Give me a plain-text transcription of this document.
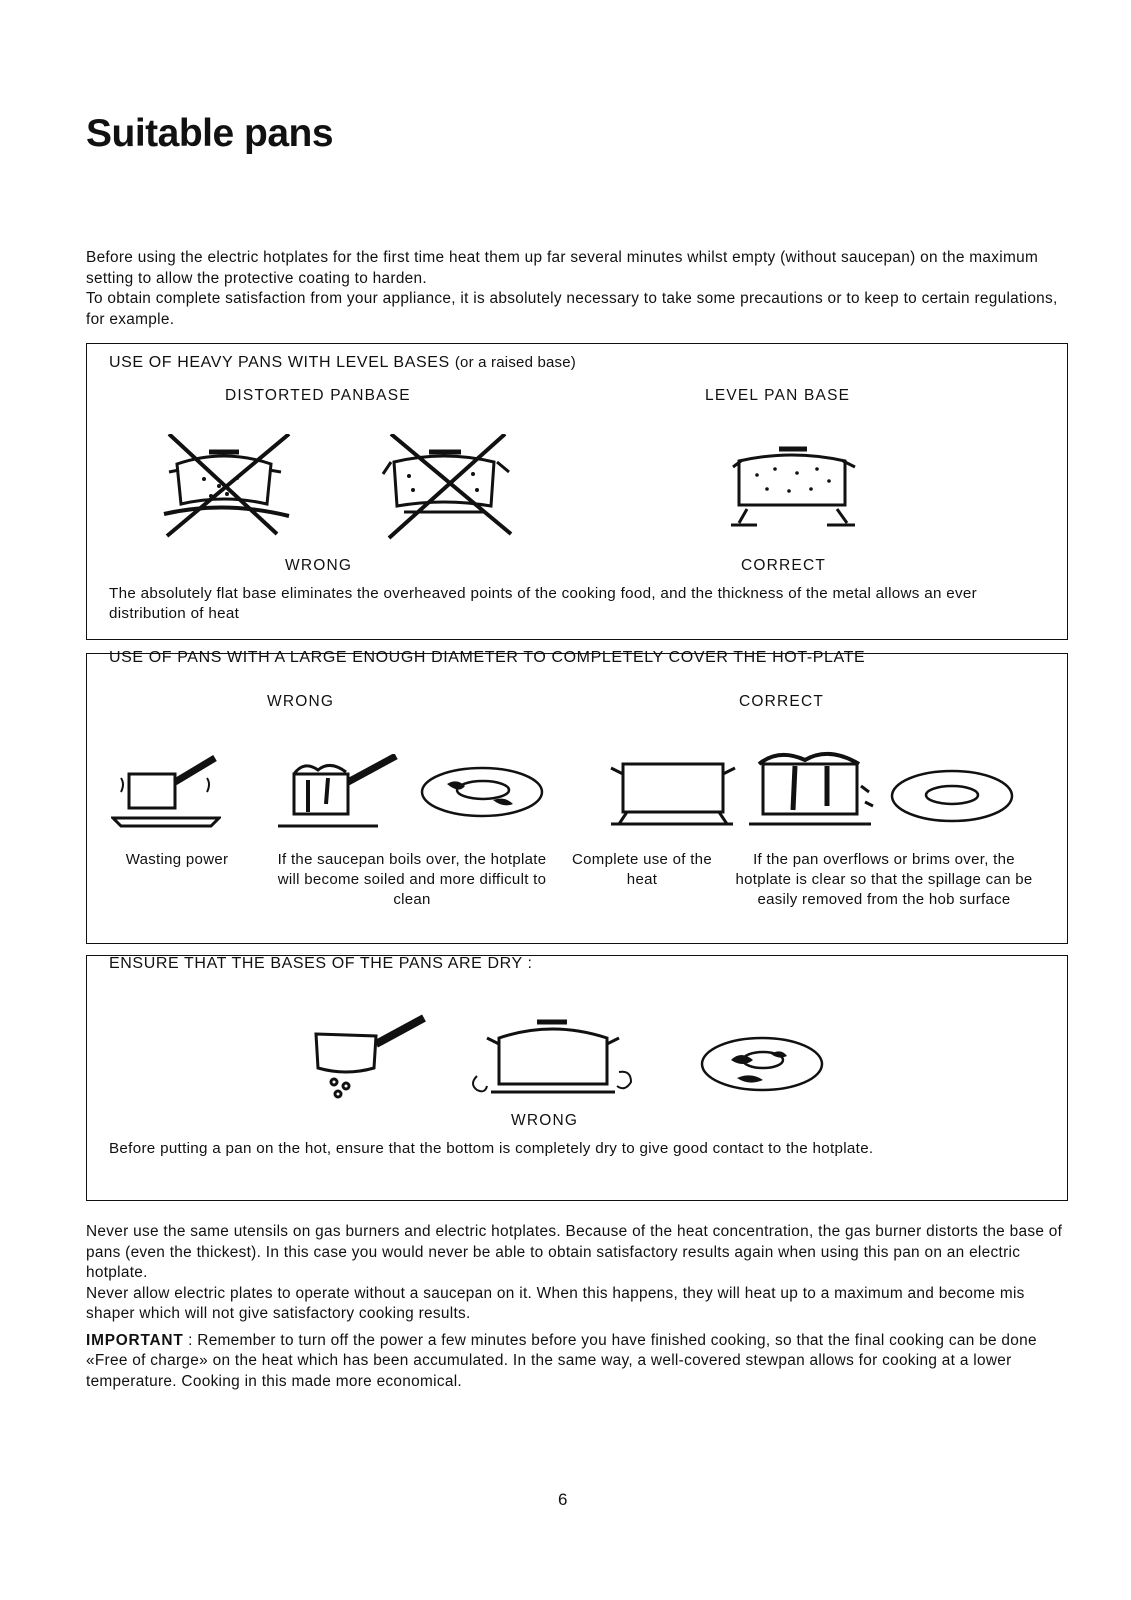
Suitable pans

Before using the electric hotplates for the first time heat them up far several minutes whilst empty (without saucepan) on the maximum setting to allow the protective coating to harden.

To obtain complete satisfaction from your appliance, it is absolutely necessary to take some precautions or to keep to certain regulations, for example.

USE OF HEAVY PANS WITH LEVEL BASES (or a raised base)
DISTORTED PANBASE	LEVEL PAN BASE
WRONG	CORRECT
The absolutely flat base eliminates the overheaved points of the cooking food, and the thickness of the metal allows an ever distribution of heat
USE OF PANS WITH A LARGE ENOUGH DIAMETER TO COMPLETELY COVER THE HOT-PLATE
WRONG	CORRECT
Wasting power	If the saucepan boils over, the hotplate will become soiled and more difficult to clean
Complete use of the heat
If the pan overflows or brims over, the hotplate is clear so that the spillage can be easily removed from the hob surface
ENSURE THAT THE BASES OF THE PANS ARE DRY :
WRONG
Before putting a pan on the hot, ensure that the bottom is completely dry to give good contact to the hotplate.

Never use the same utensils on gas burners and electric hotplates. Because of the heat concentration, the gas burner distorts the base of pans (even the thickest). In this case you would never be able to obtain satisfactory results again when using this pan on an electric hotplate.

Never allow electric plates to operate without a saucepan on it. When this happens, they will heat up to a maximum and become mis shaper which will not give satisfactory cooking results.

IMPORTANT : Remember to turn off the power a few minutes before you have finished cooking, so that the final cooking can be done «Free of charge» on the heat which has been accumulated. In the same way, a well-covered stewpan allows for cooking at a lower temperature. Cooking in this made more economical.

6
